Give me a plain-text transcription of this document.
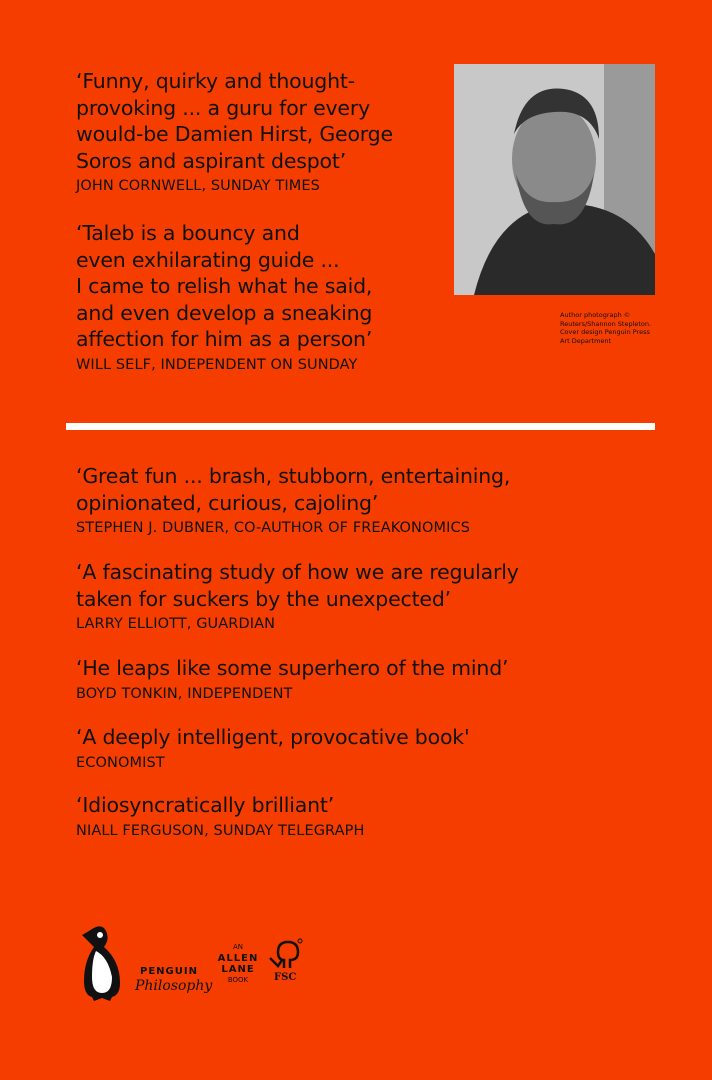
‘Funny, quirky and thought-
provoking ... a guru for every
would-be Damien Hirst, George
Soros and aspirant despot’
JOHN CORNWELL, SUNDAY TIMES
‘Taleb is a bouncy and
even exhilarating guide ...
I came to relish what he said,
and even develop a sneaking
affection for him as a person’
WILL SELF, INDEPENDENT ON SUNDAY
Author photograph ©
Reuters/Shannon Stepleton.
Cover design Penguin Press
Art Department
‘Great fun ... brash, stubborn, entertaining,
opinionated, curious, cajoling’
STEPHEN J. DUBNER, CO-AUTHOR OF FREAKONOMICS
‘A fascinating study of how we are regularly
taken for suckers by the unexpected’
LARRY ELLIOTT, GUARDIAN
‘He leaps like some superhero of the mind’
BOYD TONKIN, INDEPENDENT
‘A deeply intelligent, provocative book'
ECONOMIST
‘Idiosyncratically brilliant’
NIALL FERGUSON, SUNDAY TELEGRAPH
PENGUIN
Philosophy
AN
ALLEN
LANE
BOOK	FSC
